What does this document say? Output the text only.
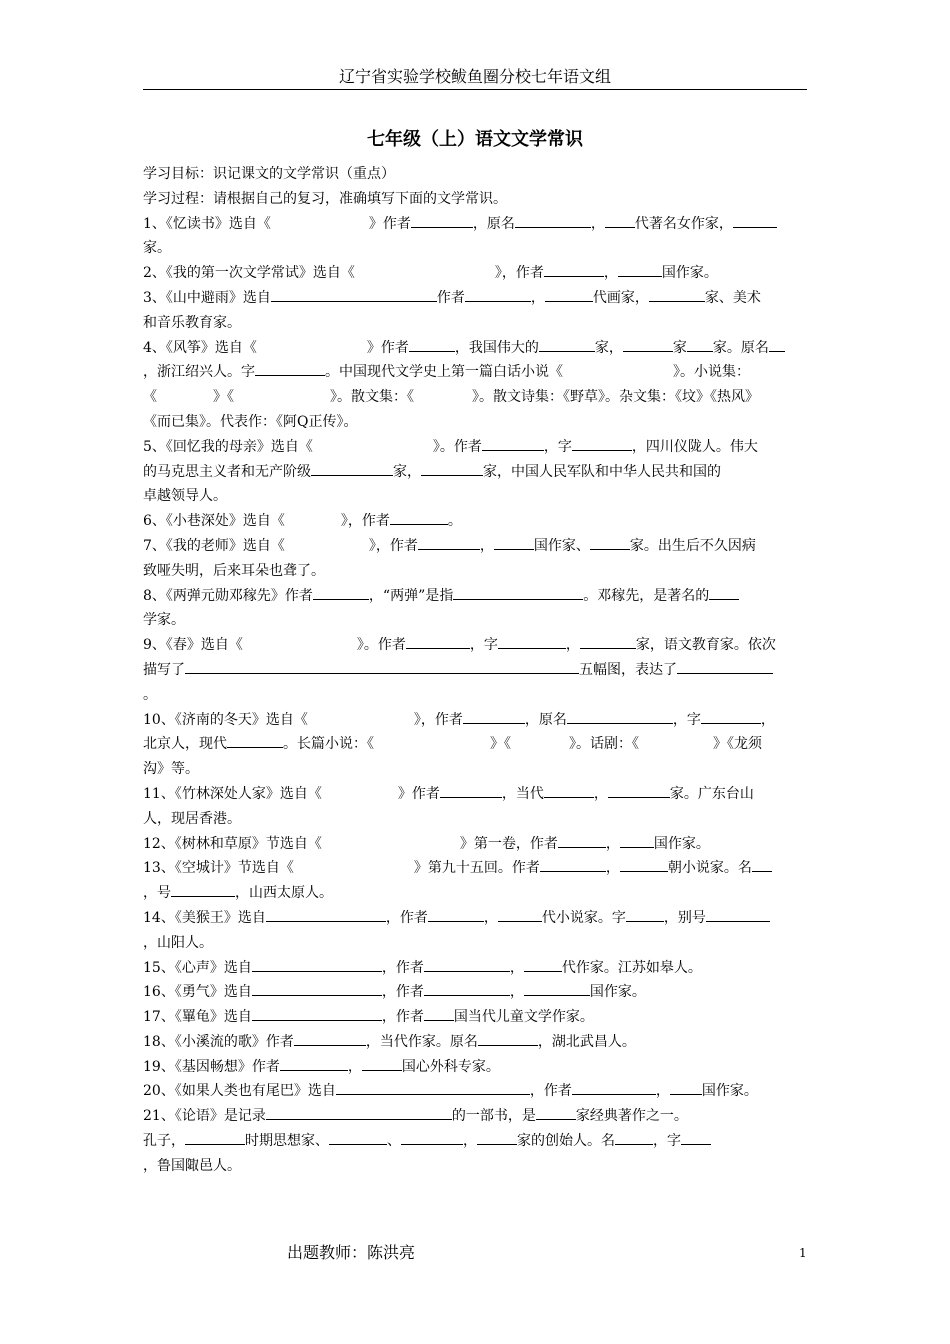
辽宁省实验学校鲅鱼圈分校七年语文组
七年级（上）语文文学常识
学习目标：识记课文的文学常识（重点）
学习过程：请根据自己的复习，准确填写下面的文学常识。
1、《忆读书》选自《	》作者	，原名	， 代著名女作家，
家。
2、《我的第一次文学常试》选自《	》，作者	，	国作家。
3、《山中避雨》选自	作者	，	代画家，	家、美术
和音乐教育家。
4、《风筝》选自《	》作者	，我国伟大的	家，	家 家。原名
，浙江绍兴人。字	。中国现代文学史上第一篇白话小说《	》。小说集：
《	》《	》。散文集：《	》。散文诗集：《野草》。杂文集：《坟》《热风》
《而已集》。代表作：《阿Q正传》。
5、《回忆我的母亲》选自《	》。作者	，字	，四川仪陇人。伟大
的马克思主义者和无产阶级	家，	家，中国人民军队和中华人民共和国的
卓越领导人。
6、《小巷深处》选自《	》，作者	。
7、《我的老师》选自《	》，作者	，	国作家、	家。出生后不久因病
致哑失明，后来耳朵也聋了。
8、《两弹元勋邓稼先》作者	，“两弹”是指	。邓稼先，是著名的
学家。
9、《春》选自《	》。作者	，字	，	家，语文教育家。依次
描写了	五幅图，表达了
。
10、《济南的冬天》选自《	》，作者	，原名	，字	，
北京人，现代	。长篇小说：《	》《	》。话剧：《	》《龙须
沟》等。
11、《竹林深处人家》选自《	》作者	，当代	，	家。广东台山
人，现居香港。
12、《树林和草原》节选自《	》第一卷，作者	， 国作家。
13、《空城计》节选自《	》第九十五回。作者	，	朝小说家。名
，号	，山西太原人。
14、《美猴王》选自	，作者	，	代小说家。字	，别号
，山阳人。
15、《心声》选自	，作者	，	代作家。江苏如皋人。
16、《勇气》选自	，作者	，	国作家。
17、《罼龟》选自	，作者 国当代儿童文学作家。
18、《小溪流的歌》作者	，当代作家。原名	，湖北武昌人。
19、《基因畅想》作者	，	国心外科专家。
20、《如果人类也有尾巴》选自	，作者	， 国作家。
21、《论语》是记录	的一部书，是	家经典著作之一。
孔子，	时期思想家、	、	，	家的创始人。名	，字
，鲁国陬邑人。
出题教师：陈洪亮	1
